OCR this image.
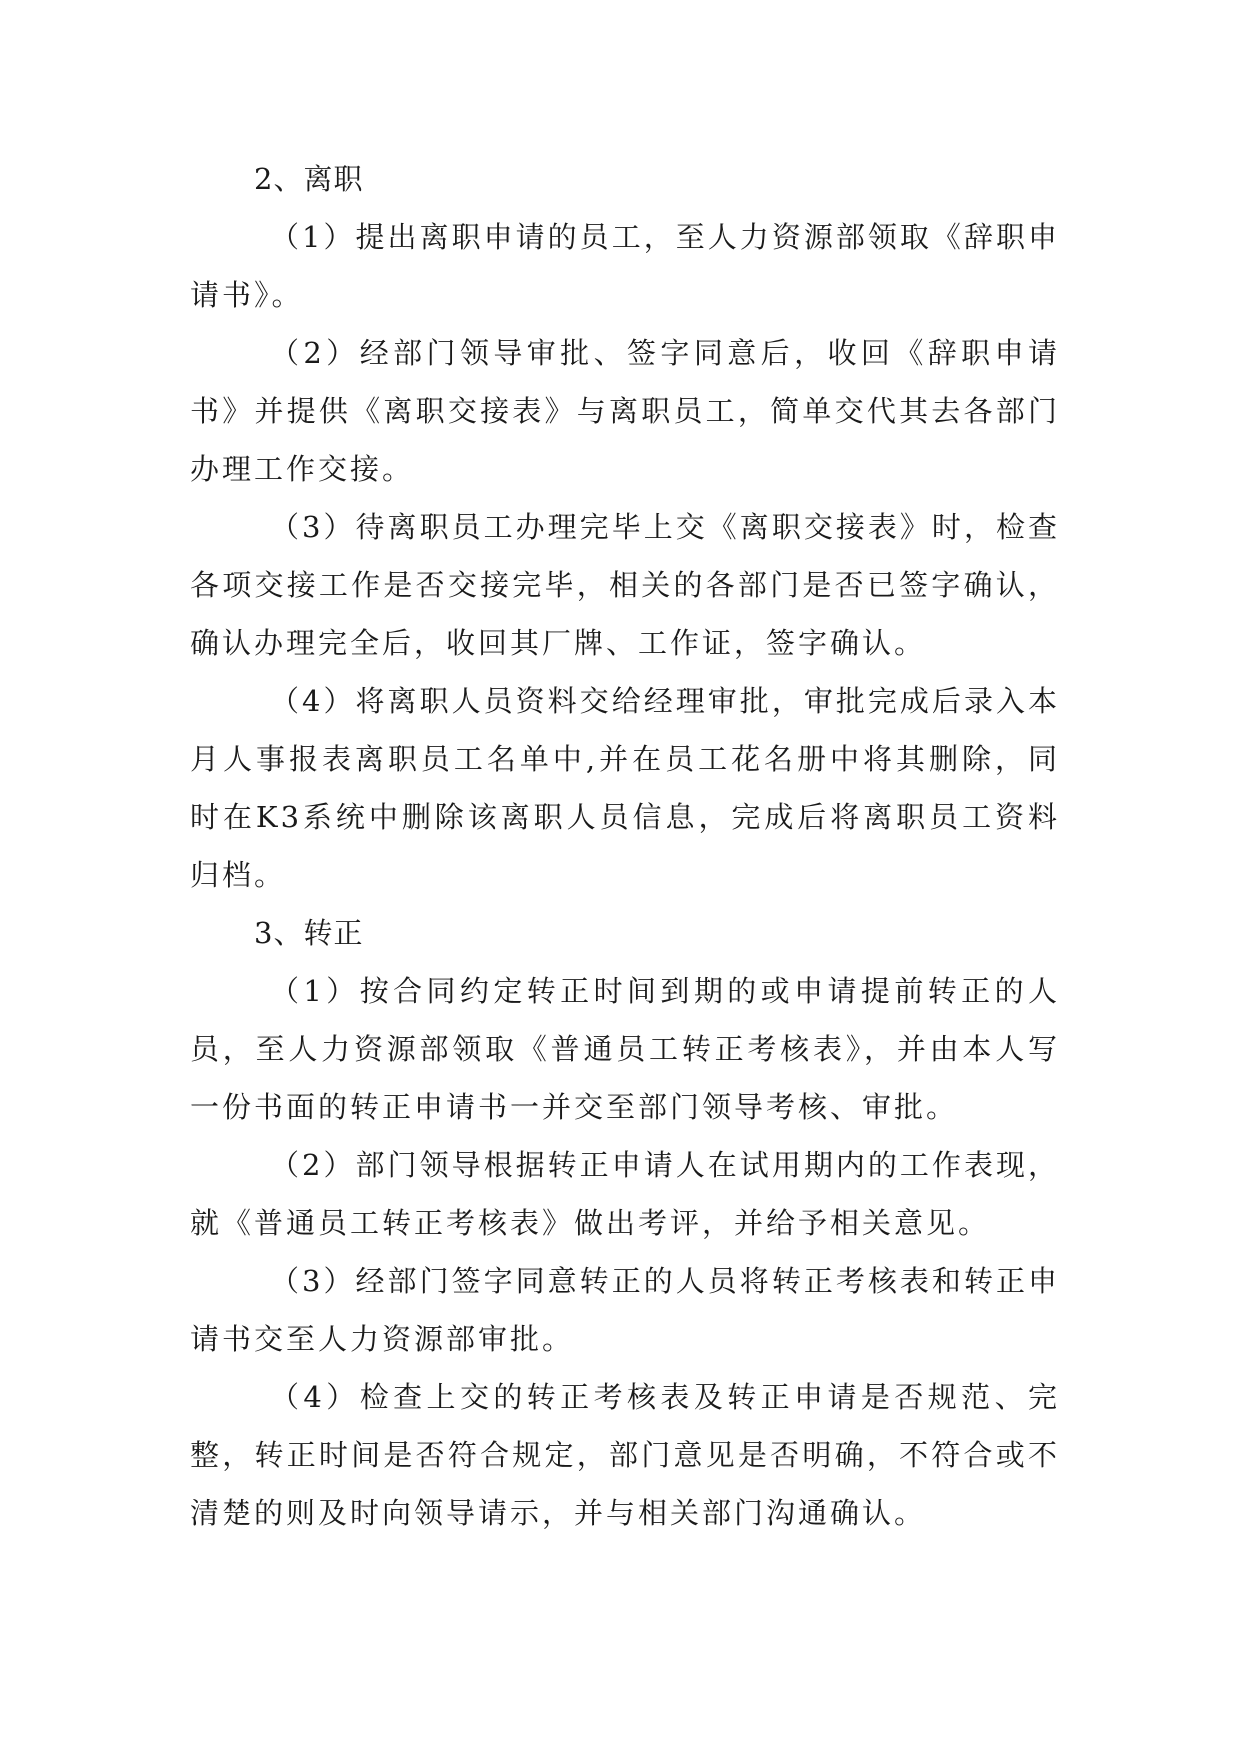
2、离职

（1）提出离职申请的员工，至人力资源部领取《辞职申请书》。

（2）经部门领导审批、签字同意后，收回《辞职申请书》并提供《离职交接表》与离职员工，简单交代其去各部门办理工作交接。

（3）待离职员工办理完毕上交《离职交接表》时，检查各项交接工作是否交接完毕，相关的各部门是否已签字确认，确认办理完全后，收回其厂牌、工作证，签字确认。

（4）将离职人员资料交给经理审批，审批完成后录入本月人事报表离职员工名单中,并在员工花名册中将其删除，同时在K3系统中删除该离职人员信息，完成后将离职员工资料归档。

3、转正

（1）按合同约定转正时间到期的或申请提前转正的人员，至人力资源部领取《普通员工转正考核表》，并由本人写一份书面的转正申请书一并交至部门领导考核、审批。

（2）部门领导根据转正申请人在试用期内的工作表现，就《普通员工转正考核表》做出考评，并给予相关意见。

（3）经部门签字同意转正的人员将转正考核表和转正申请书交至人力资源部审批。

（4）检查上交的转正考核表及转正申请是否规范、完整，转正时间是否符合规定，部门意见是否明确，不符合或不清楚的则及时向领导请示，并与相关部门沟通确认。
